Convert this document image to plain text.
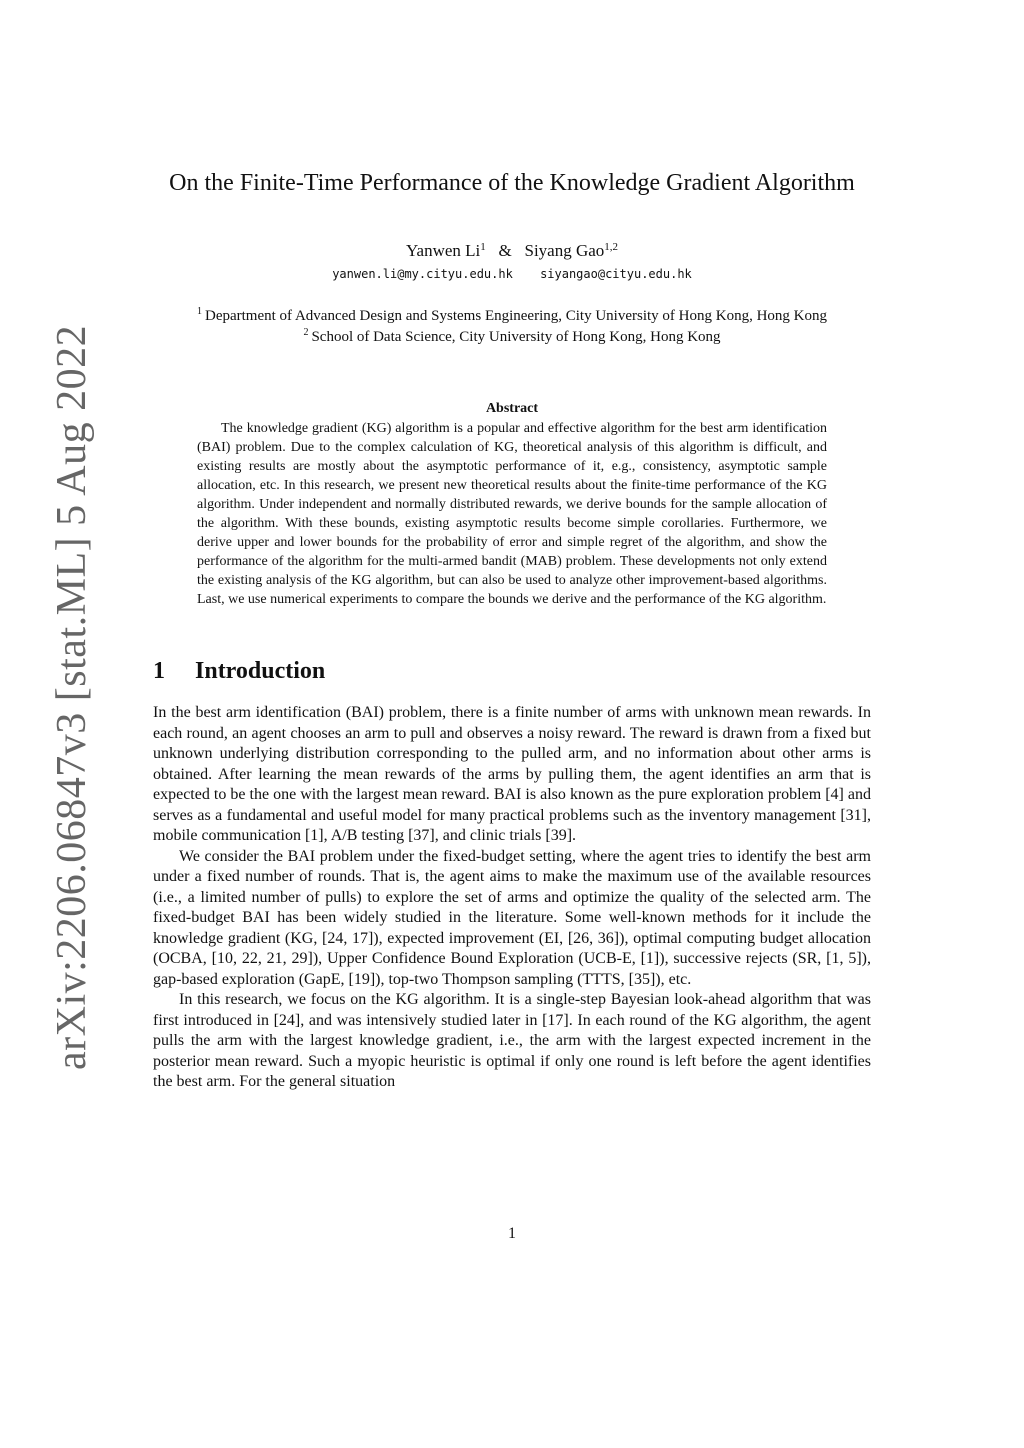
arXiv:2206.06847v3 [stat.ML] 5 Aug 2022
On the Finite-Time Performance of the Knowledge Gradient Algorithm
Yanwen Li$^1$ & Siyang Gao$^{1,2}$
yanwen.li@my.cityu.edu.hk siyangao@cityu.edu.hk
$^1$ Department of Advanced Design and Systems Engineering, City University of Hong Kong, Hong Kong
$^2$ School of Data Science, City University of Hong Kong, Hong Kong
Abstract
The knowledge gradient (KG) algorithm is a popular and effective algorithm for the best arm identification (BAI) problem. Due to the complex calculation of KG, theoretical analysis of this algorithm is difficult, and existing results are mostly about the asymptotic performance of it, e.g., consistency, asymptotic sample allocation, etc. In this research, we present new theoretical results about the finite-time performance of the KG algorithm. Under independent and normally distributed rewards, we derive bounds for the sample allocation of the algorithm. With these bounds, existing asymptotic results become simple corollaries. Furthermore, we derive upper and lower bounds for the probability of error and simple regret of the algorithm, and show the performance of the algorithm for the multi-armed bandit (MAB) problem. These developments not only extend the existing analysis of the KG algorithm, but can also be used to analyze other improvement-based algorithms. Last, we use numerical experiments to compare the bounds we derive and the performance of the KG algorithm.
1 Introduction

In the best arm identification (BAI) problem, there is a finite number of arms with unknown mean rewards. In each round, an agent chooses an arm to pull and observes a noisy reward. The reward is drawn from a fixed but unknown underlying distribution corresponding to the pulled arm, and no information about other arms is obtained. After learning the mean rewards of the arms by pulling them, the agent identifies an arm that is expected to be the one with the largest mean reward. BAI is also known as the pure exploration problem [4] and serves as a fundamental and useful model for many practical problems such as the inventory management [31], mobile communication [1], A/B testing [37], and clinic trials [39].

We consider the BAI problem under the fixed-budget setting, where the agent tries to identify the best arm under a fixed number of rounds. That is, the agent aims to make the maximum use of the available resources (i.e., a limited number of pulls) to explore the set of arms and optimize the quality of the selected arm. The fixed-budget BAI has been widely studied in the literature. Some well-known methods for it include the knowledge gradient (KG, [24, 17]), expected improvement (EI, [26, 36]), optimal computing budget allocation (OCBA, [10, 22, 21, 29]), Upper Confidence Bound Exploration (UCB-E, [1]), successive rejects (SR, [1, 5]), gap-based exploration (GapE, [19]), top-two Thompson sampling (TTTS, [35]), etc.

In this research, we focus on the KG algorithm. It is a single-step Bayesian look-ahead algorithm that was first introduced in [24], and was intensively studied later in [17]. In each round of the KG algorithm, the agent pulls the arm with the largest knowledge gradient, i.e., the arm with the largest expected increment in the posterior mean reward. Such a myopic heuristic is optimal if only one round is left before the agent identifies the best arm. For the general situation

1
